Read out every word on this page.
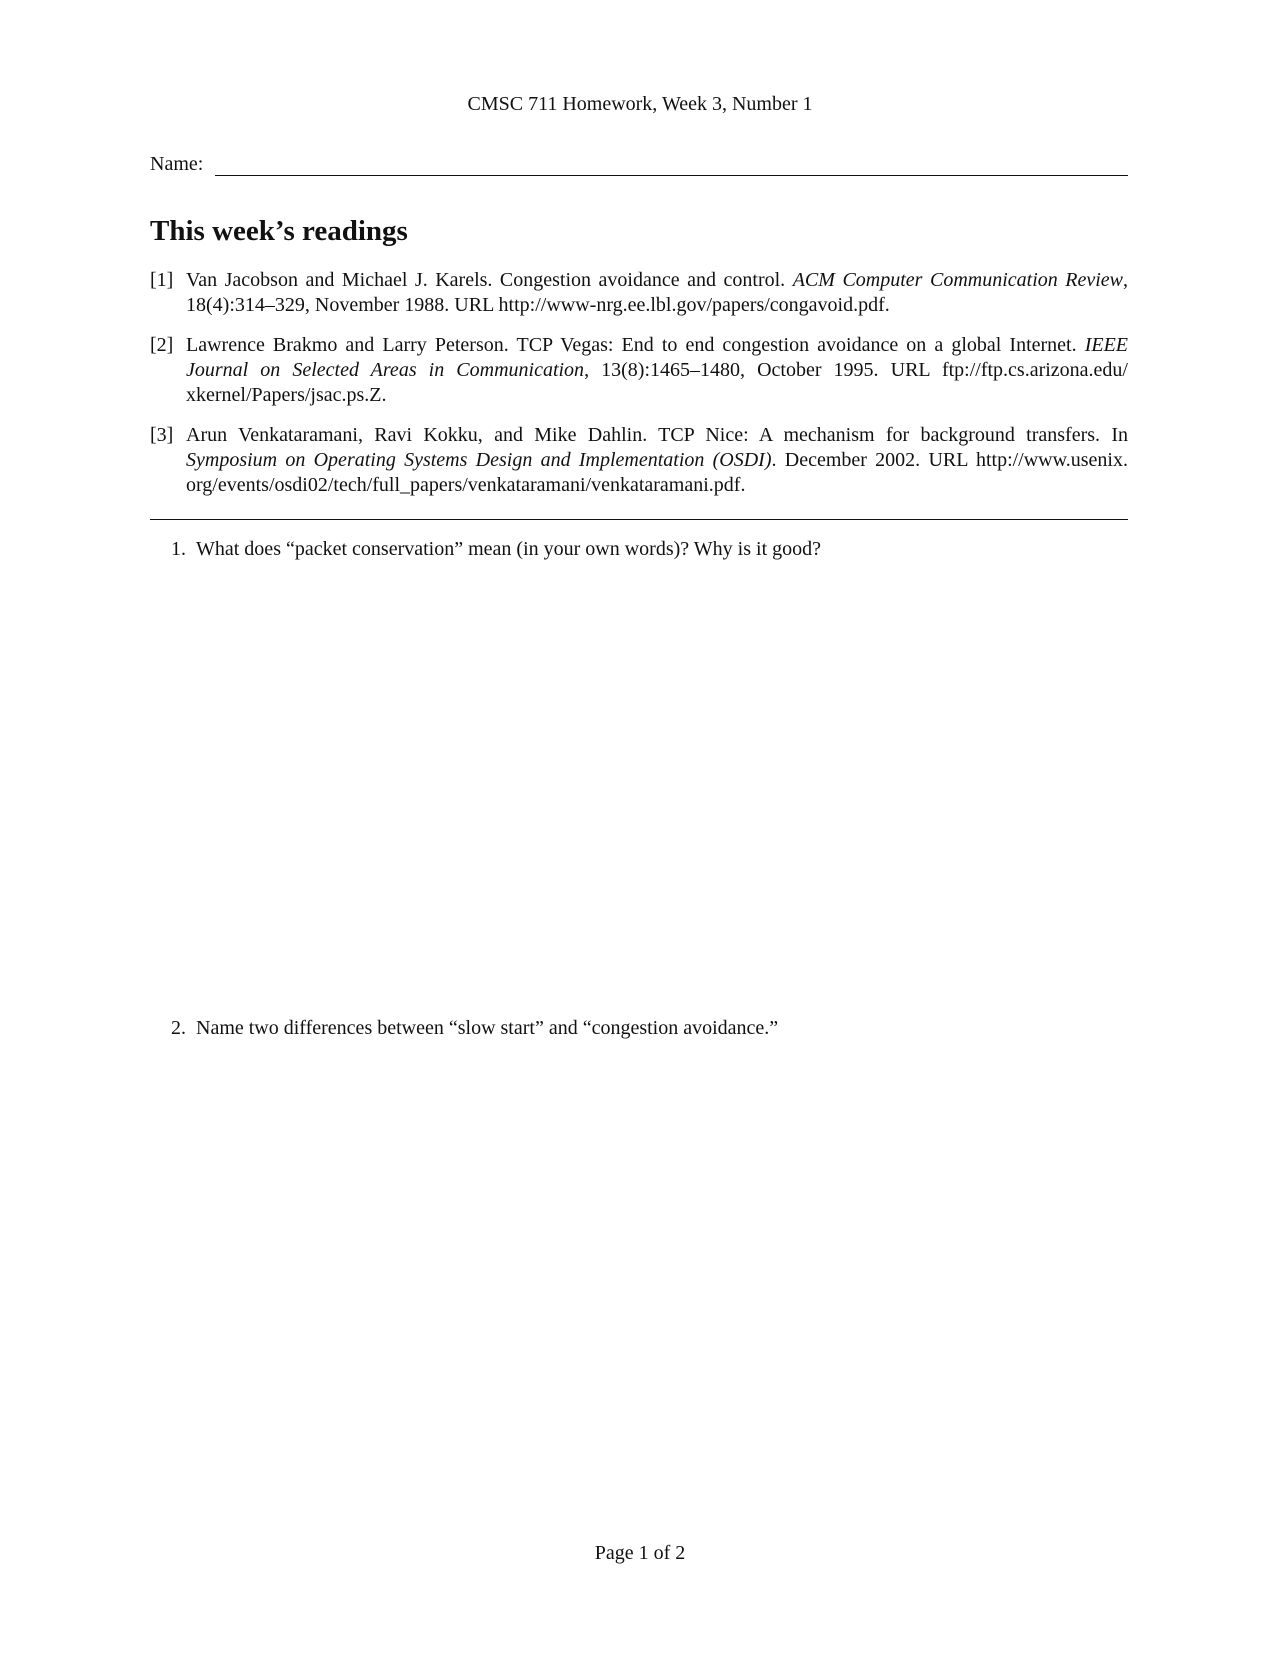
CMSC 711 Homework, Week 3, Number 1
Name:
This week’s readings
[1] Van Jacobson and Michael J. Karels. Congestion avoidance and control. ACM Computer Communication Review, 18(4):314–329, November 1988. URL http://www-nrg.ee.lbl.gov/papers/congavoid.pdf.
[2] Lawrence Brakmo and Larry Peterson. TCP Vegas: End to end congestion avoidance on a global Internet. IEEE Journal on Selected Areas in Communication, 13(8):1465–1480, October 1995. URL ftp://ftp.cs.arizona.edu/ xkernel/Papers/jsac.ps.Z.
[3] Arun Venkataramani, Ravi Kokku, and Mike Dahlin. TCP Nice: A mechanism for background transfers. In Symposium on Operating Systems Design and Implementation (OSDI). December 2002. URL http://www.usenix. org/events/osdi02/tech/full_papers/venkataramani/venkataramani.pdf.
1. What does “packet conservation” mean (in your own words)? Why is it good?
2. Name two differences between “slow start” and “congestion avoidance.”
Page 1 of 2
